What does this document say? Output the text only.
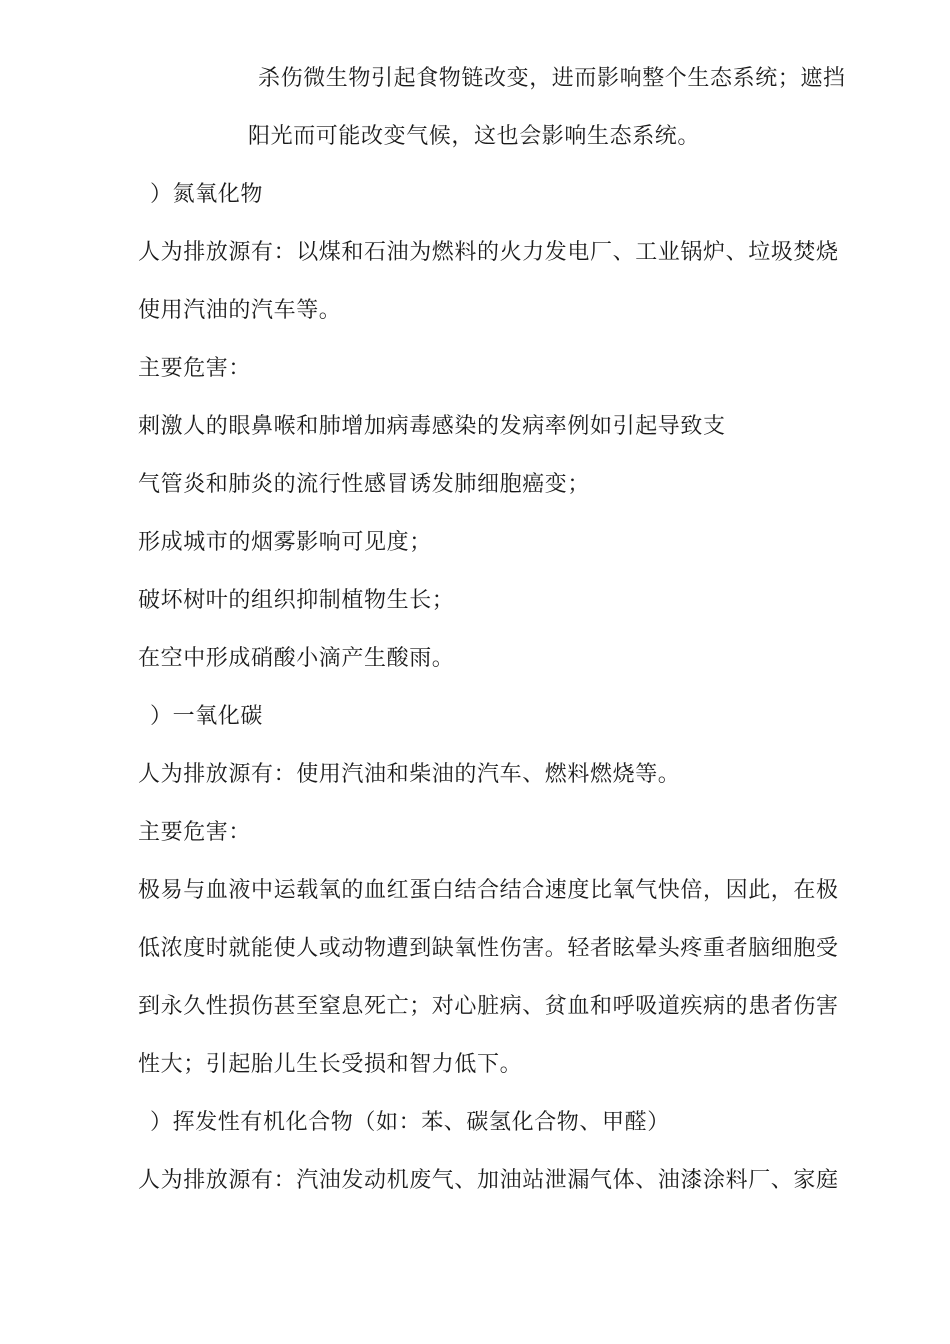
杀伤微生物引起食物链改变，进而影响整个生态系统；遮挡
阳光而可能改变气候，这也会影响生态系统。
）氮氧化物
人为排放源有：以煤和石油为燃料的火力发电厂、工业锅炉、垃圾焚烧
使用汽油的汽车等。
主要危害：
刺激人的眼鼻喉和肺增加病毒感染的发病率例如引起导致支
气管炎和肺炎的流行性感冒诱发肺细胞癌变；
形成城市的烟雾影响可见度；
破坏树叶的组织抑制植物生长；
在空中形成硝酸小滴产生酸雨。
）一氧化碳
人为排放源有：使用汽油和柴油的汽车、燃料燃烧等。
主要危害：
极易与血液中运载氧的血红蛋白结合结合速度比氧气快倍，因此，在极
低浓度时就能使人或动物遭到缺氧性伤害。轻者眩晕头疼重者脑细胞受
到永久性损伤甚至窒息死亡；对心脏病、贫血和呼吸道疾病的患者伤害
性大；引起胎儿生长受损和智力低下。
）挥发性有机化合物（如：苯、碳氢化合物、甲醛）
人为排放源有：汽油发动机废气、加油站泄漏气体、油漆涂料厂、家庭
